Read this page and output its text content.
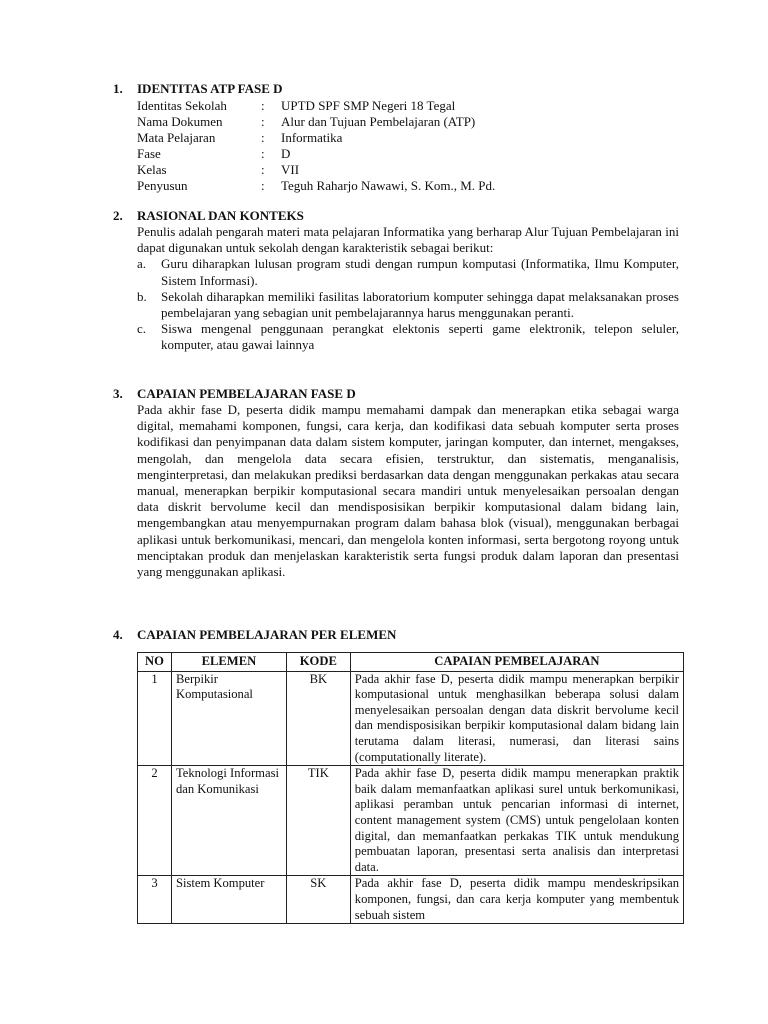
1. IDENTITAS ATP FASE D
Identitas Sekolah	:	UPTD SPF SMP Negeri 18 Tegal
Nama Dokumen	:	Alur dan Tujuan Pembelajaran (ATP)
Mata Pelajaran	:	Informatika
Fase	:	D
Kelas	:	VII
Penyusun	:	Teguh Raharjo Nawawi, S. Kom., M. Pd.
2. RASIONAL DAN KONTEKS
Penulis adalah pengarah materi mata pelajaran Informatika yang berharap Alur Tujuan Pembelajaran ini dapat digunakan untuk sekolah dengan karakteristik sebagai berikut:
a.	Guru diharapkan lulusan program studi dengan rumpun komputasi (Informatika, Ilmu Komputer, Sistem Informasi).
b.	Sekolah diharapkan memiliki fasilitas laboratorium komputer sehingga dapat melaksanakan proses pembelajaran yang sebagian unit pembelajarannya harus menggunakan peranti.
c.	Siswa mengenal penggunaan perangkat elektonis seperti game elektronik, telepon seluler, komputer, atau gawai lainnya
3. CAPAIAN PEMBELAJARAN FASE D
Pada akhir fase D, peserta didik mampu memahami dampak dan menerapkan etika sebagai warga digital, memahami komponen, fungsi, cara kerja, dan kodifikasi data sebuah komputer serta proses kodifikasi dan penyimpanan data dalam sistem komputer, jaringan komputer, dan internet, mengakses, mengolah, dan mengelola data secara efisien, terstruktur, dan sistematis, menganalisis, menginterpretasi, dan melakukan prediksi berdasarkan data dengan menggunakan perkakas atau secara manual, menerapkan berpikir komputasional secara mandiri untuk menyelesaikan persoalan dengan data diskrit bervolume kecil dan mendisposisikan berpikir komputasional dalam bidang lain, mengembangkan atau menyempurnakan program dalam bahasa blok (visual), menggunakan berbagai aplikasi untuk berkomunikasi, mencari, dan mengelola konten informasi, serta bergotong royong untuk menciptakan produk dan menjelaskan karakteristik serta fungsi produk dalam laporan dan presentasi yang menggunakan aplikasi.
4. CAPAIAN PEMBELAJARAN PER ELEMEN
NO	ELEMEN	KODE	CAPAIAN PEMBELAJARAN
1	Berpikir Komputasional	BK	Pada akhir fase D, peserta didik mampu menerapkan berpikir komputasional untuk menghasilkan beberapa solusi dalam menyelesaikan persoalan dengan data diskrit bervolume kecil dan mendisposisikan berpikir komputasional dalam bidang lain terutama dalam literasi, numerasi, dan literasi sains (computationally literate).
2	Teknologi Informasi dan Komunikasi	TIK	Pada akhir fase D, peserta didik mampu menerapkan praktik baik dalam memanfaatkan aplikasi surel untuk berkomunikasi, aplikasi peramban untuk pencarian informasi di internet, content management system (CMS) untuk pengelolaan konten digital, dan memanfaatkan perkakas TIK untuk mendukung pembuatan laporan, presentasi serta analisis dan interpretasi data.
3	Sistem Komputer	SK	Pada akhir fase D, peserta didik mampu mendeskripsikan komponen, fungsi, dan cara kerja komputer yang membentuk sebuah sistem
